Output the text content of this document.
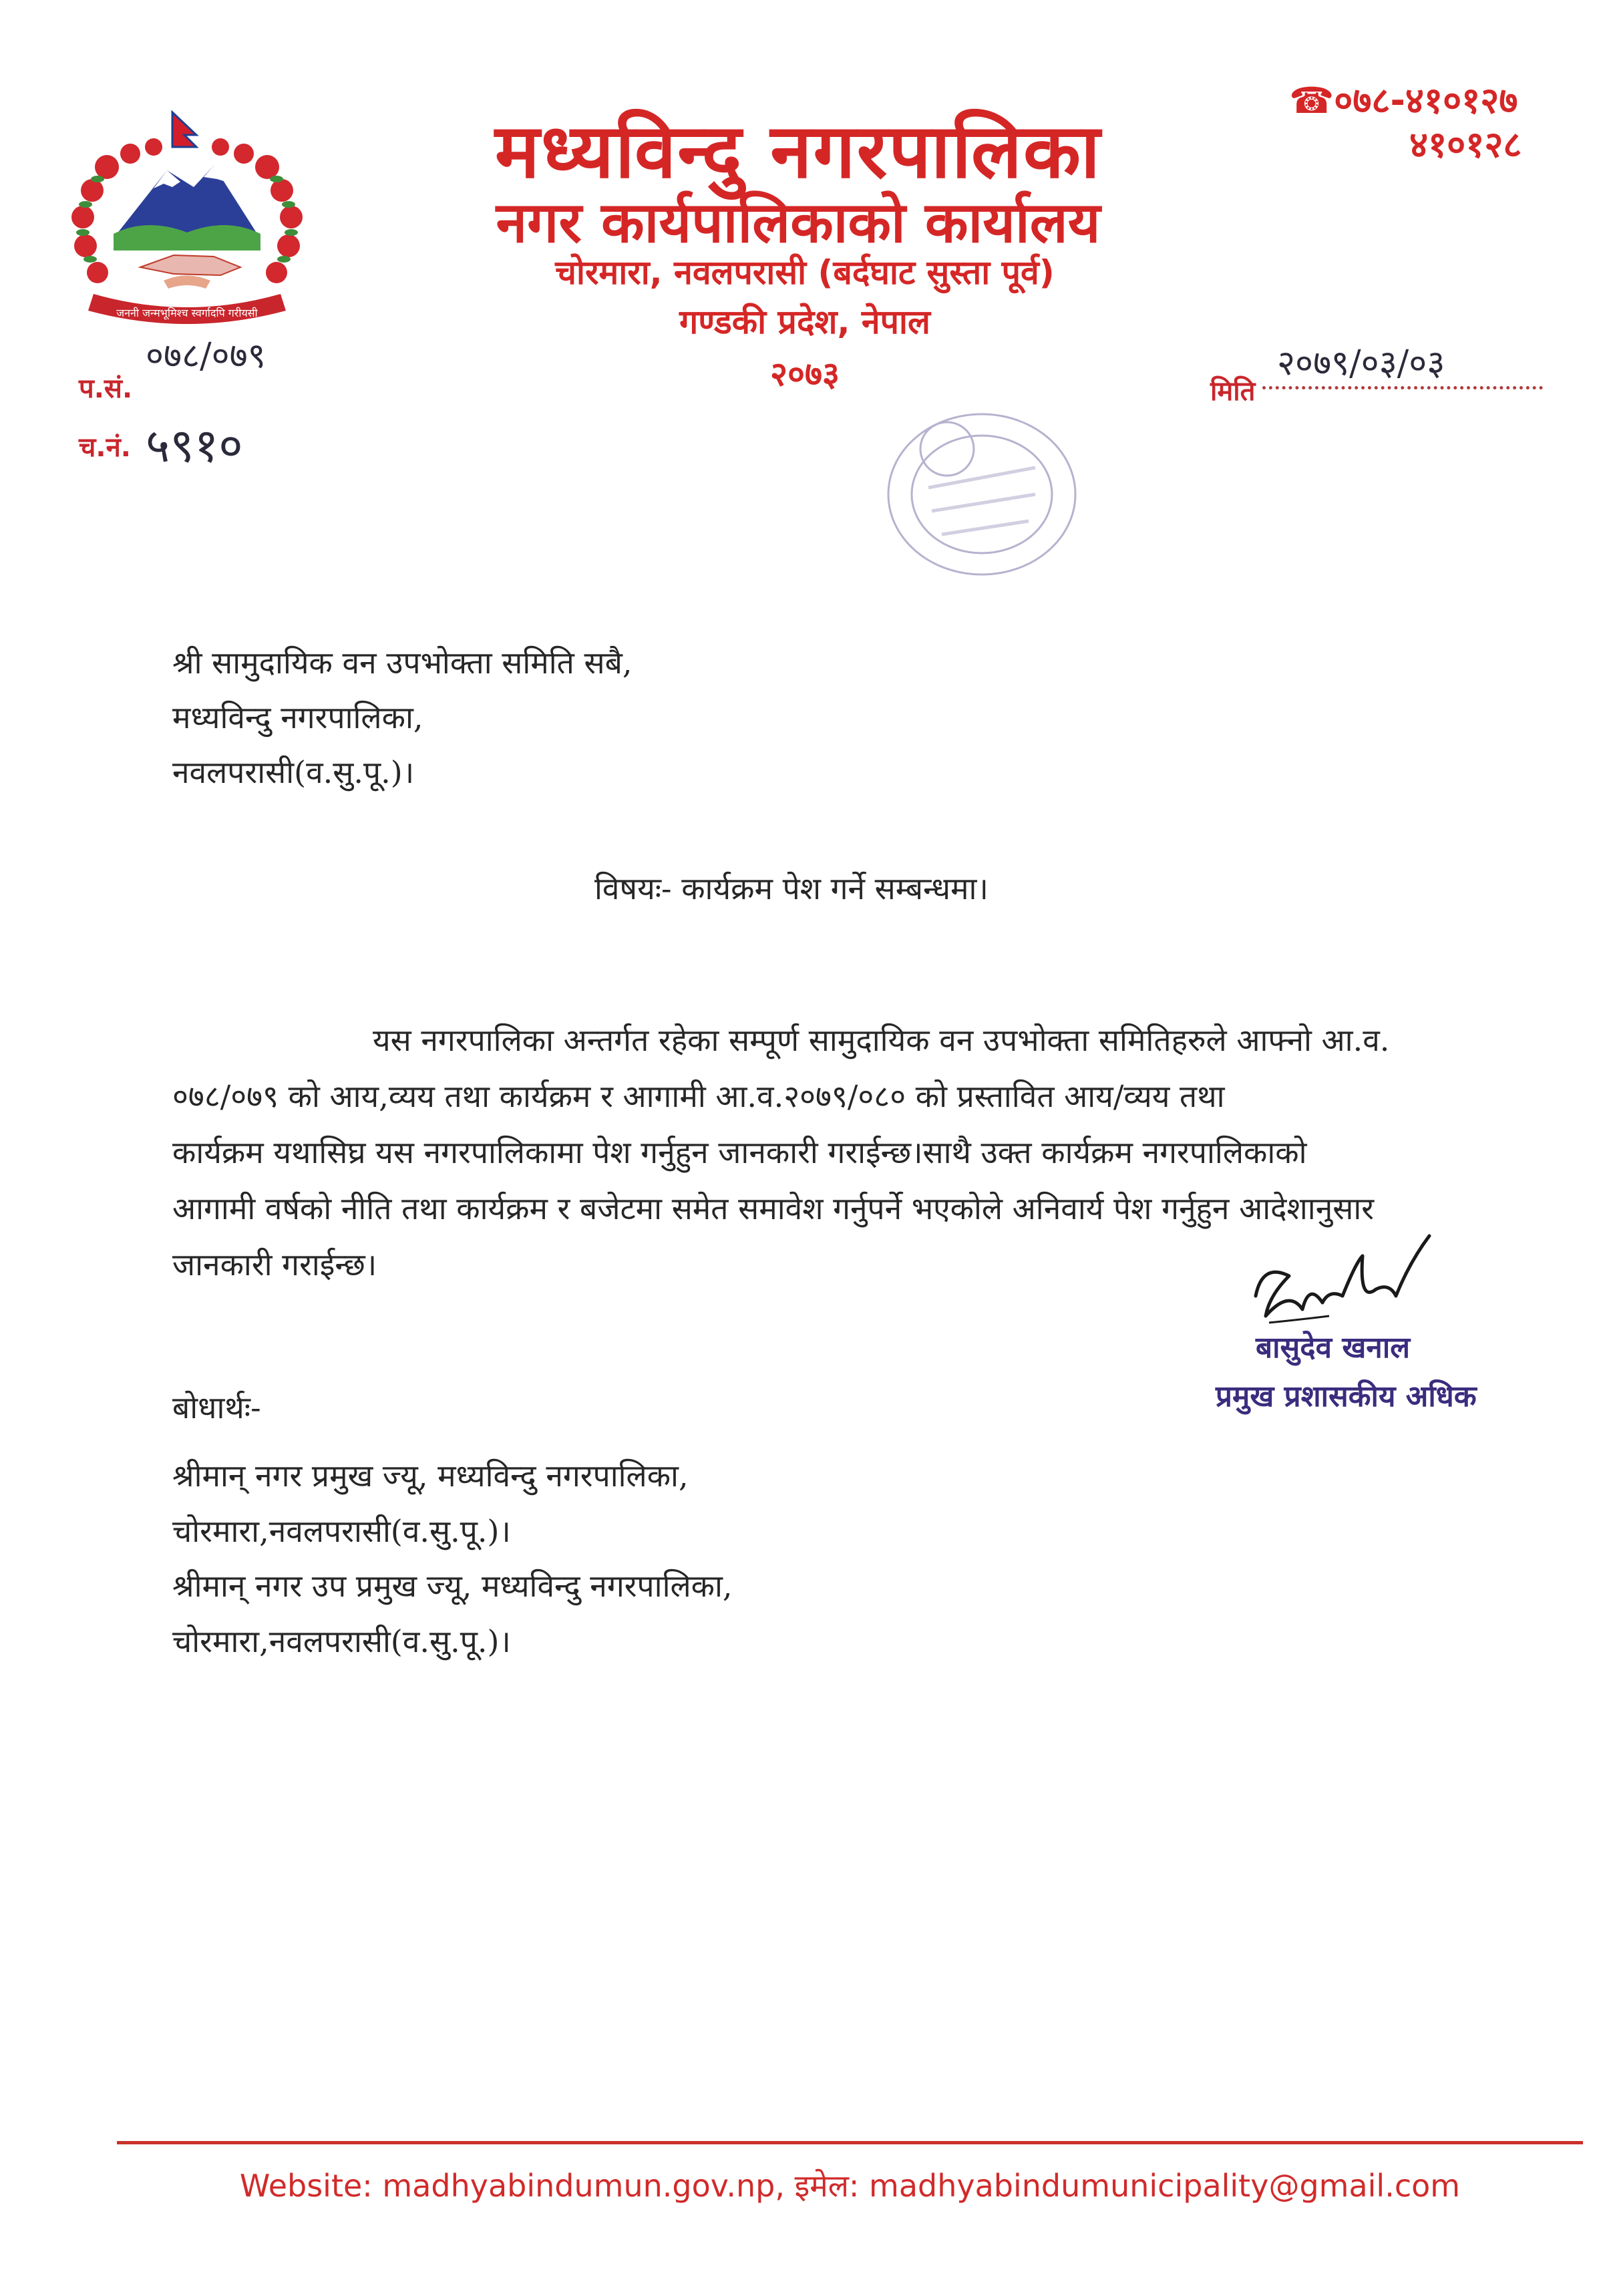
जननी जन्मभूमिश्च स्वर्गादपि गरीयसी
मध्यविन्दु नगरपालिका
नगर कार्यपालिकाको कार्यालय
चोरमारा, नवलपरासी (बर्दघाट सुस्ता पूर्व)
गण्डकी प्रदेश, नेपाल
२०७३
☎०७८-४१०१२७
४१०१२८
०७८/०७९
प.सं.
च.नं. ५९१०
२०७९/०३/०३
मिति
श्री सामुदायिक वन उपभोक्ता समिति सबै,
मध्यविन्दु नगरपालिका,
नवलपरासी(व.सु.पू.)।
विषयः- कार्यक्रम पेश गर्ने सम्बन्धमा।

यस नगरपालिका अन्तर्गत रहेका सम्पूर्ण सामुदायिक वन उपभोक्ता समितिहरुले आफ्नो आ.व.

०७८/०७९ को आय,व्यय तथा कार्यक्रम र आगामी आ.व.२०७९/०८० को प्रस्तावित आय/व्यय तथा

कार्यक्रम यथासिघ्र यस नगरपालिकामा पेश गर्नुहुन जानकारी गराईन्छ।साथै उक्त कार्यक्रम नगरपालिकाको

आगामी वर्षको नीति तथा कार्यक्रम र बजेटमा समेत समावेश गर्नुपर्ने भएकोले अनिवार्य पेश गर्नुहुन आदेशानुसार

जानकारी गराईन्छ।

बासुदेव खनाल
प्रमुख प्रशासकीय अधिक
बोधार्थः-
श्रीमान् नगर प्रमुख ज्यू, मध्यविन्दु नगरपालिका,
चोरमारा,नवलपरासी(व.सु.पू.)।
श्रीमान् नगर उप प्रमुख ज्यू, मध्यविन्दु नगरपालिका,
चोरमारा,नवलपरासी(व.सु.पू.)।
Website: madhyabindumun.gov.np, इमेल: madhyabindumunicipality@gmail.com
